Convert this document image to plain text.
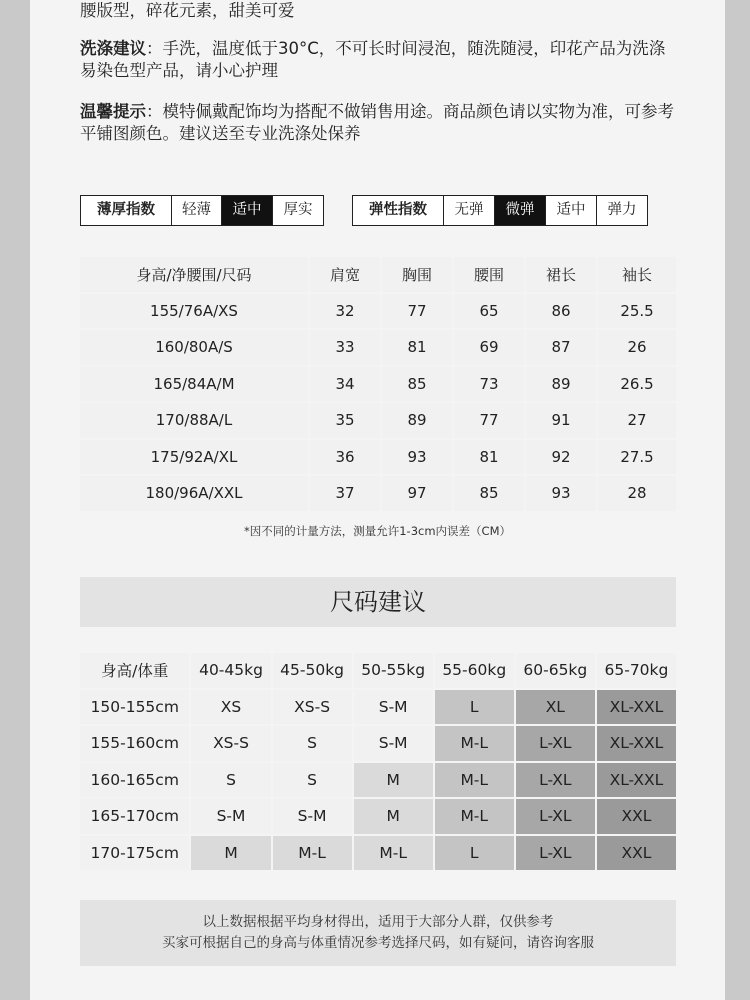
腰版型，碎花元素，甜美可爱
洗涤建议：手洗，温度低于30°C，不可长时间浸泡，随洗随浸，印花产品为洗涤易染色型产品，请小心护理
温馨提示：模特佩戴配饰均为搭配不做销售用途。商品颜色请以实物为准，可参考平铺图颜色。建议送至专业洗涤处保养
薄厚指数	轻薄	适中	厚实	弹性指数	无弹	微弹	适中	弹力
身高/净腰围/尺码	肩宽	胸围	腰围	裙长	袖长
155/76A/XS	32	77	65	86	25.5
160/80A/S	33	81	69	87	26
165/84A/M	34	85	73	89	26.5
170/88A/L	35	89	77	91	27
175/92A/XL	36	93	81	92	27.5
180/96A/XXL	37	97	85	93	28
*因不同的计量方法，测量允许1-3cm内误差（CM）
尺码建议
身高/体重	40-45kg	45-50kg	50-55kg	55-60kg	60-65kg	65-70kg
150-155cm	XS	XS-S	S-M	L	XL	XL-XXL
155-160cm	XS-S	S	S-M	M-L	L-XL	XL-XXL
160-165cm	S	S	M	M-L	L-XL	XL-XXL
165-170cm	S-M	S-M	M	M-L	L-XL	XXL
170-175cm	M	M-L	M-L	L	L-XL	XXL
以上数据根据平均身材得出，适用于大部分人群，仅供参考
买家可根据自己的身高与体重情况参考选择尺码，如有疑问，请咨询客服
